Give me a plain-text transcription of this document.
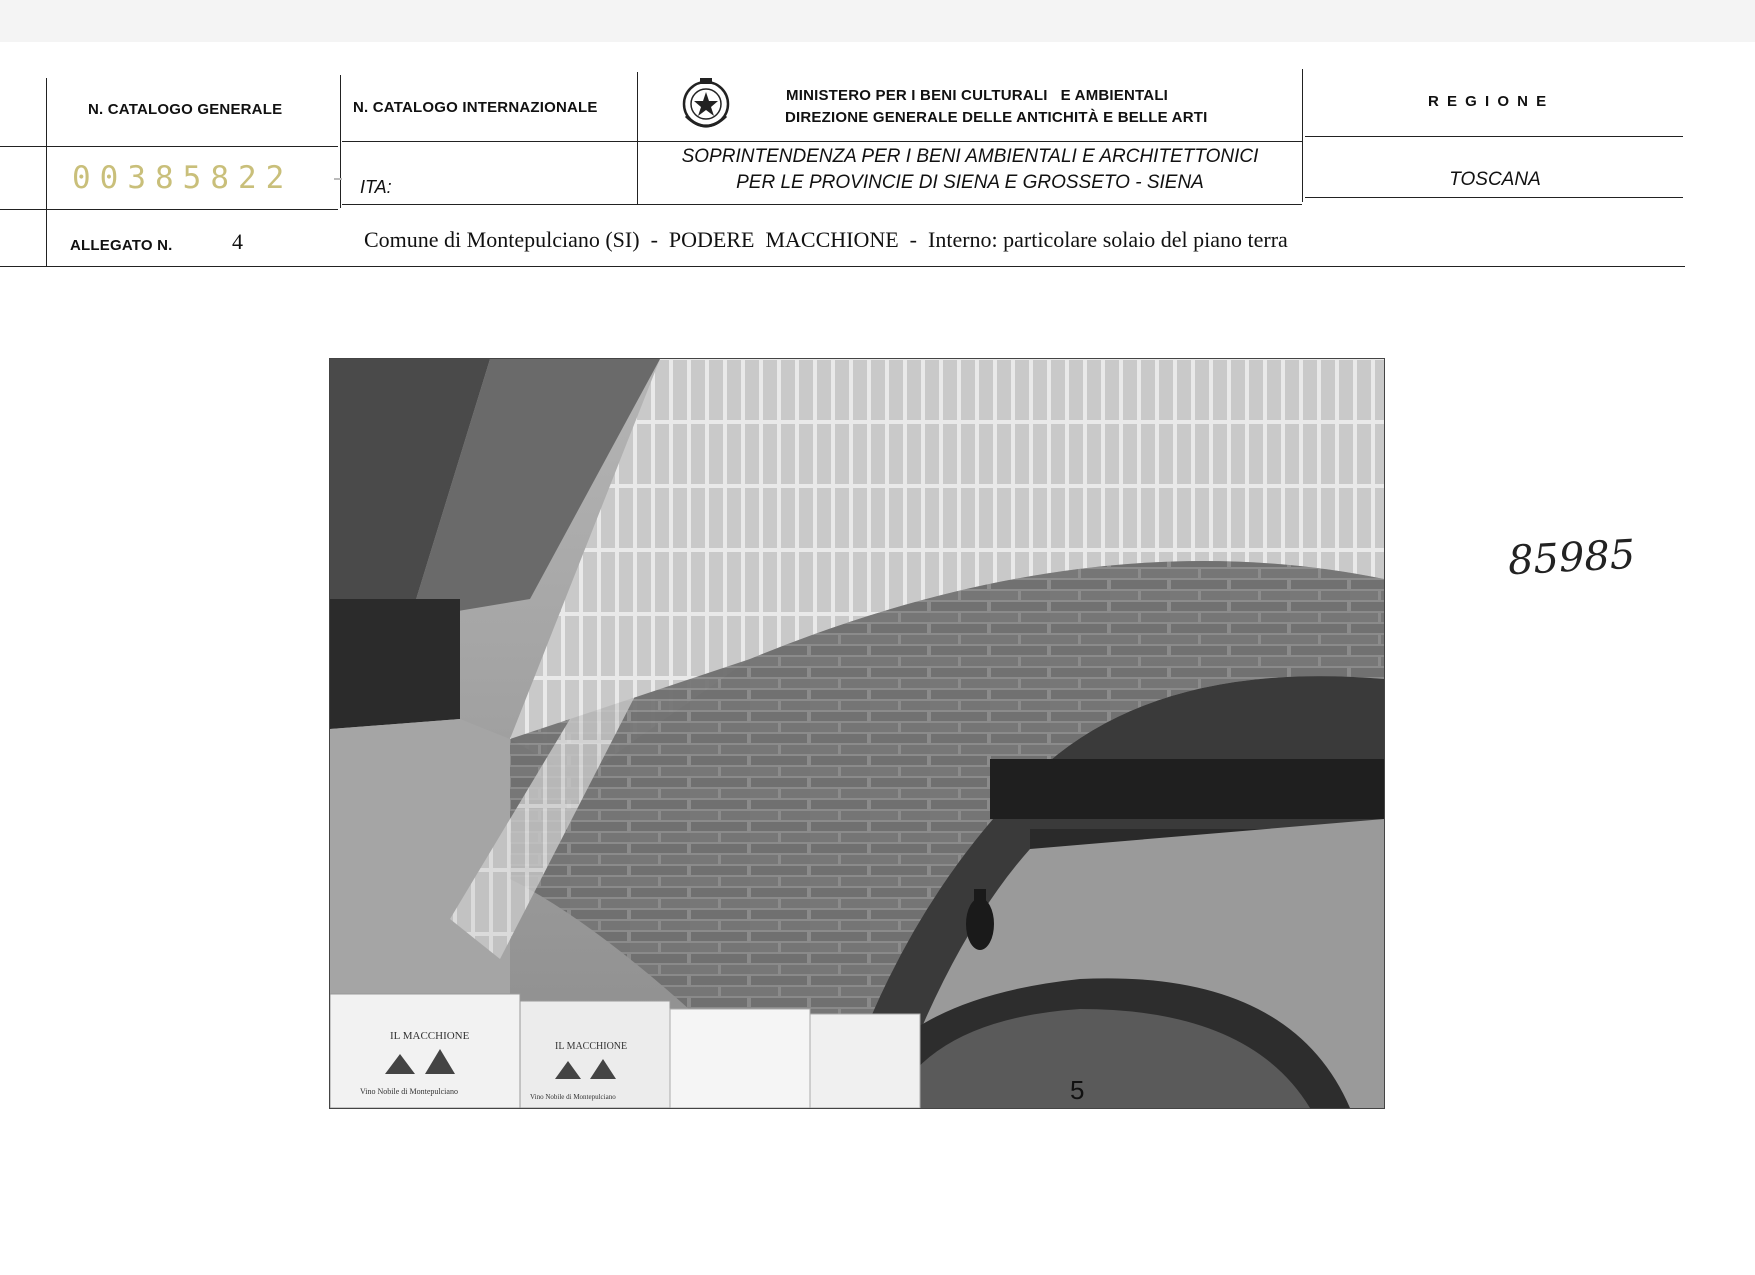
N. CATALOGO GENERALE	N. CATALOGO INTERNAZIONALE
MINISTERO PER I BENI CULTURALI   E AMBIENTALI
DIREZIONE GENERALE DELLE ANTICHITÀ E BELLE ARTI
R E G I O N E
00385822	ITA:
SOPRINTENDENZA PER I BENI AMBIENTALI E ARCHITETTONICI
PER LE PROVINCIE DI SIENA E GROSSETO - SIENA	TOSCANA
ALLEGATO N.	4	Comune di Montepulciano (SI)  -  PODERE  MACCHIONE  -  Interno: particolare solaio del piano terra
5
IL MACCHIONE
Vino Nobile di Montepulciano
IL MACCHIONE
Vino Nobile di Montepulciano
85985
